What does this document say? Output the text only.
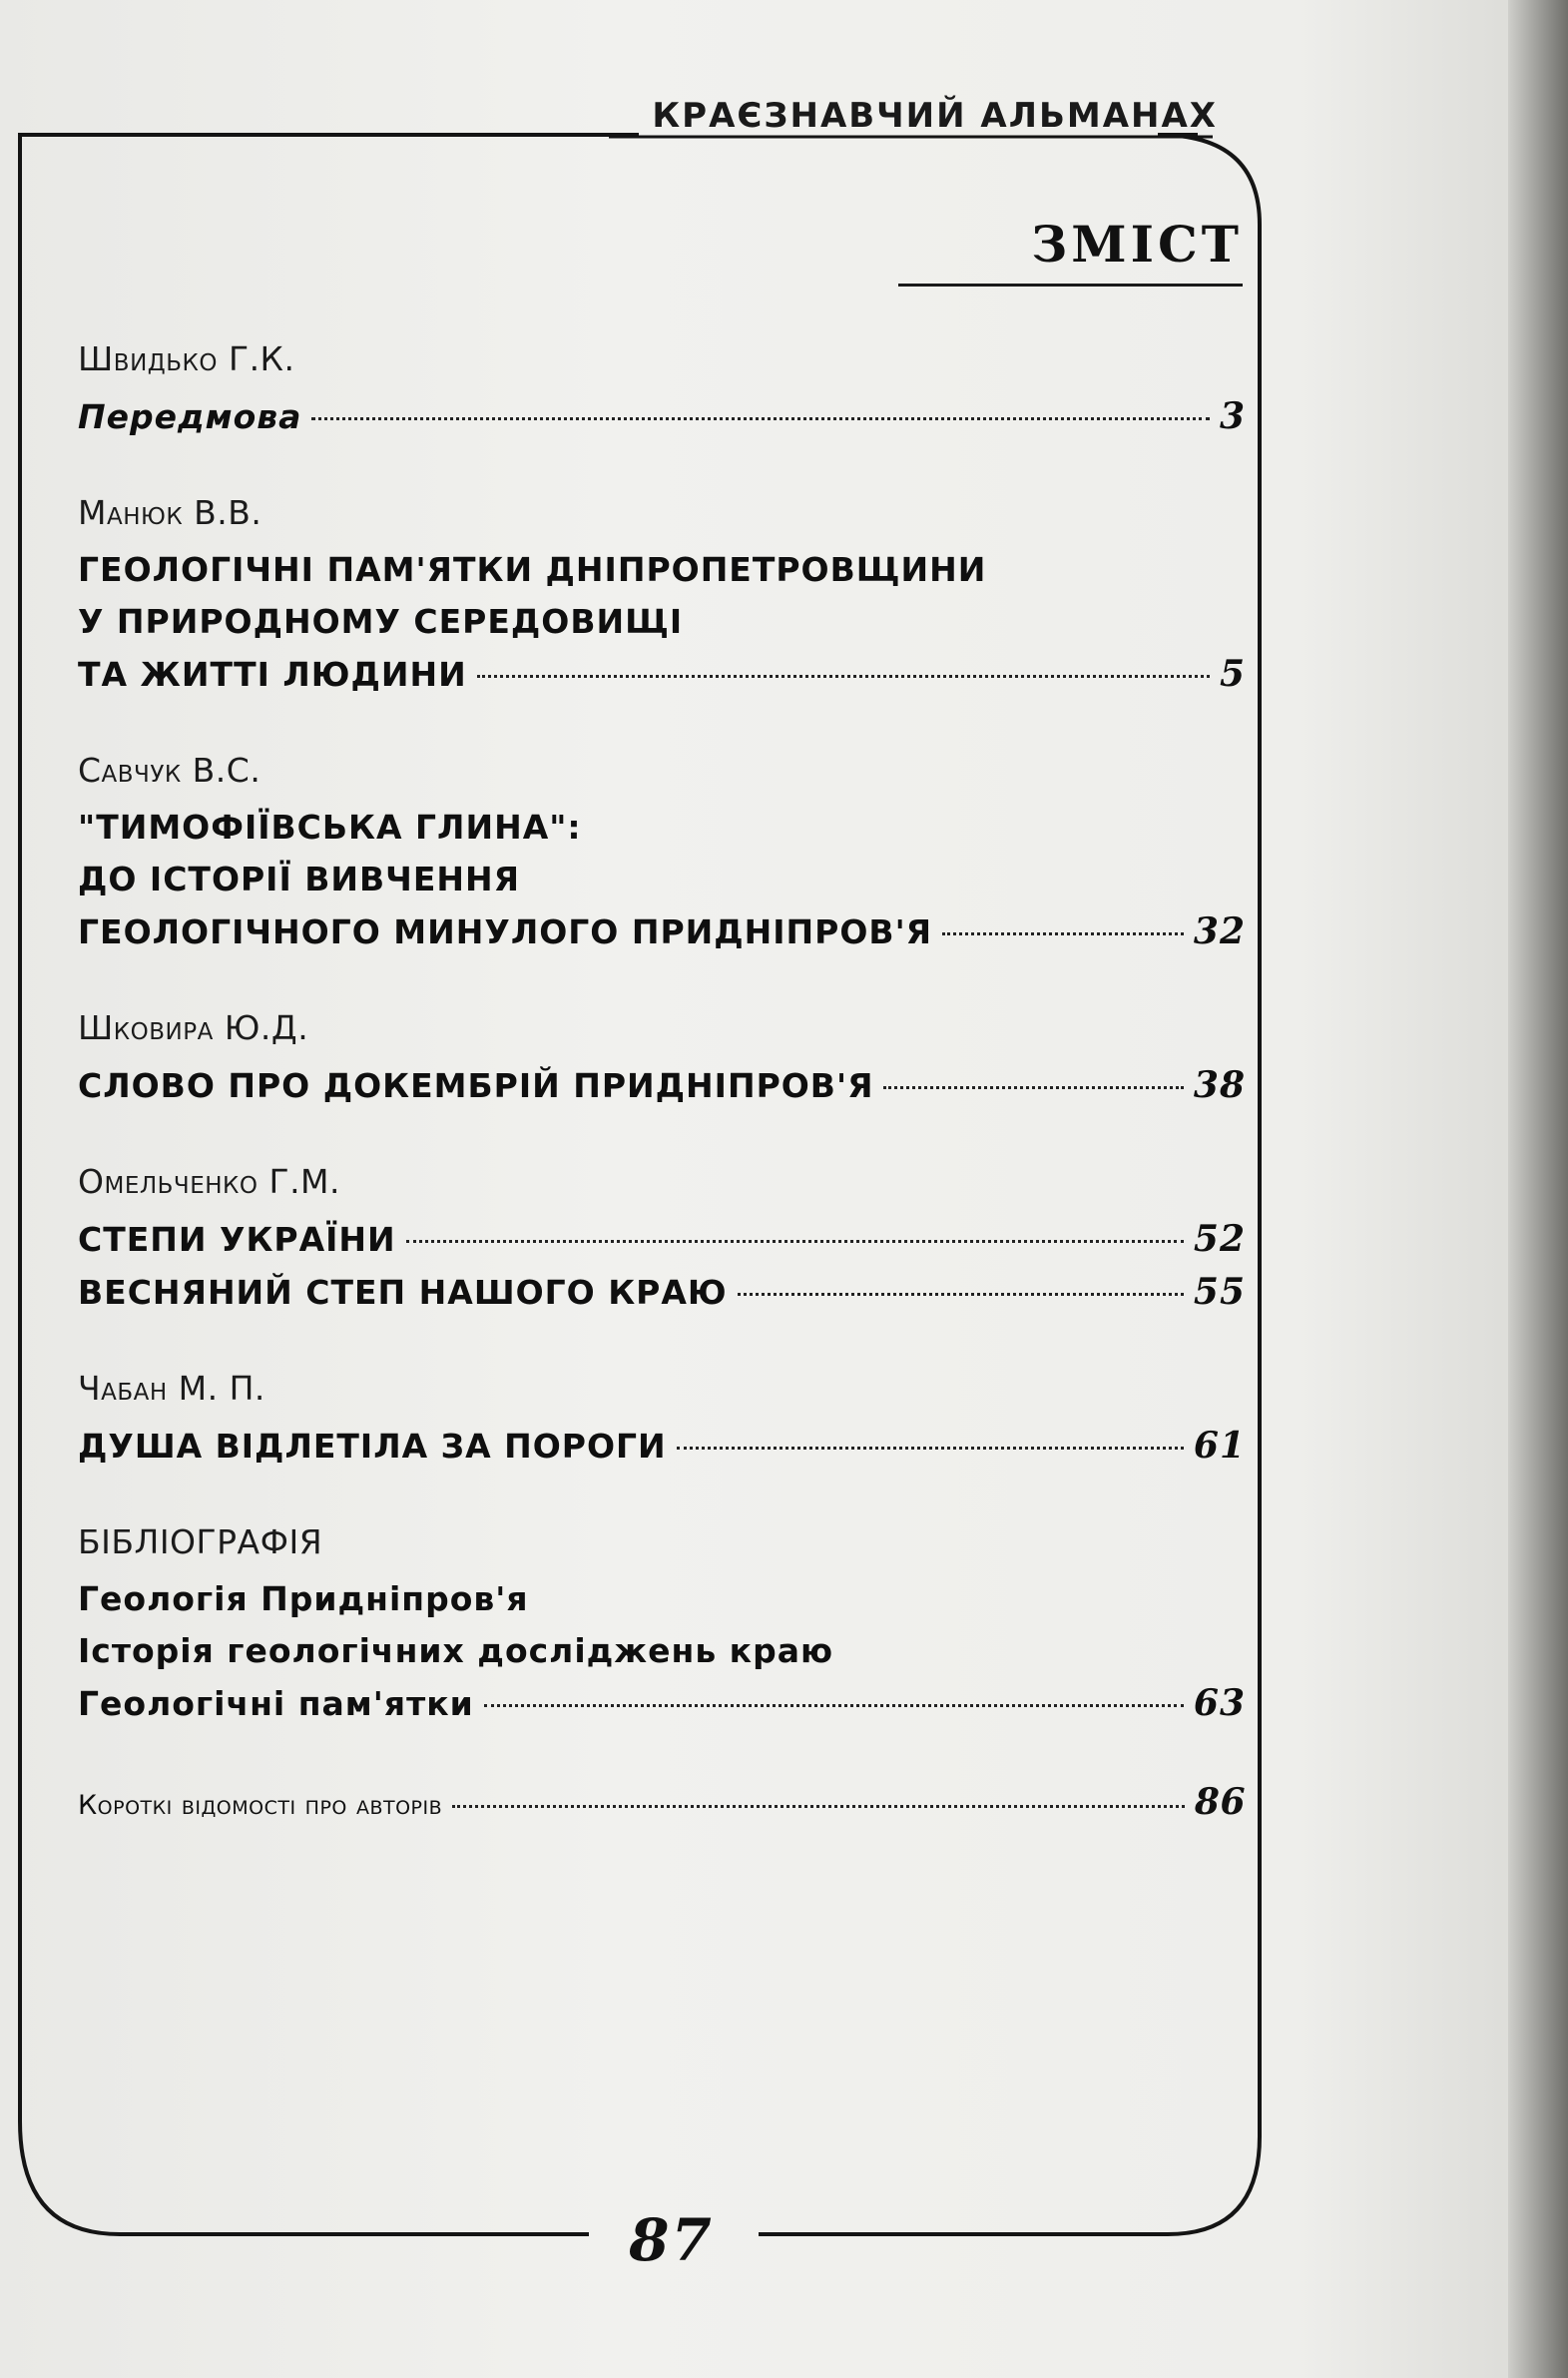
КРАЄЗНАВЧИЙ АЛЬМАНАХ
ЗМІСТ
Швидько Г.К.
Передмова	3
Манюк В.В.
ГЕОЛОГІЧНІ ПАМ'ЯТКИ ДНІПРОПЕТРОВЩИНИ
У ПРИРОДНОМУ СЕРЕДОВИЩІ
ТА ЖИТТІ ЛЮДИНИ	5
Савчук В.С.
"ТИМОФІЇВСЬКА ГЛИНА":
ДО ІСТОРІЇ ВИВЧЕННЯ
ГЕОЛОГІЧНОГО МИНУЛОГО ПРИДНІПРОВ'Я	32
Шковира Ю.Д.
СЛОВО ПРО ДОКЕМБРІЙ ПРИДНІПРОВ'Я	38
Омельченко Г.М.
СТЕПИ УКРАЇНИ	52
ВЕСНЯНИЙ СТЕП НАШОГО КРАЮ	55
Чабан М. П.
ДУША ВІДЛЕТІЛА ЗА ПОРОГИ	61
БІБЛІОГРАФІЯ
Геологія Придніпров'я
Історія геологічних досліджень краю
Геологічні пам'ятки	63
Короткі відомості про авторів	86
87
